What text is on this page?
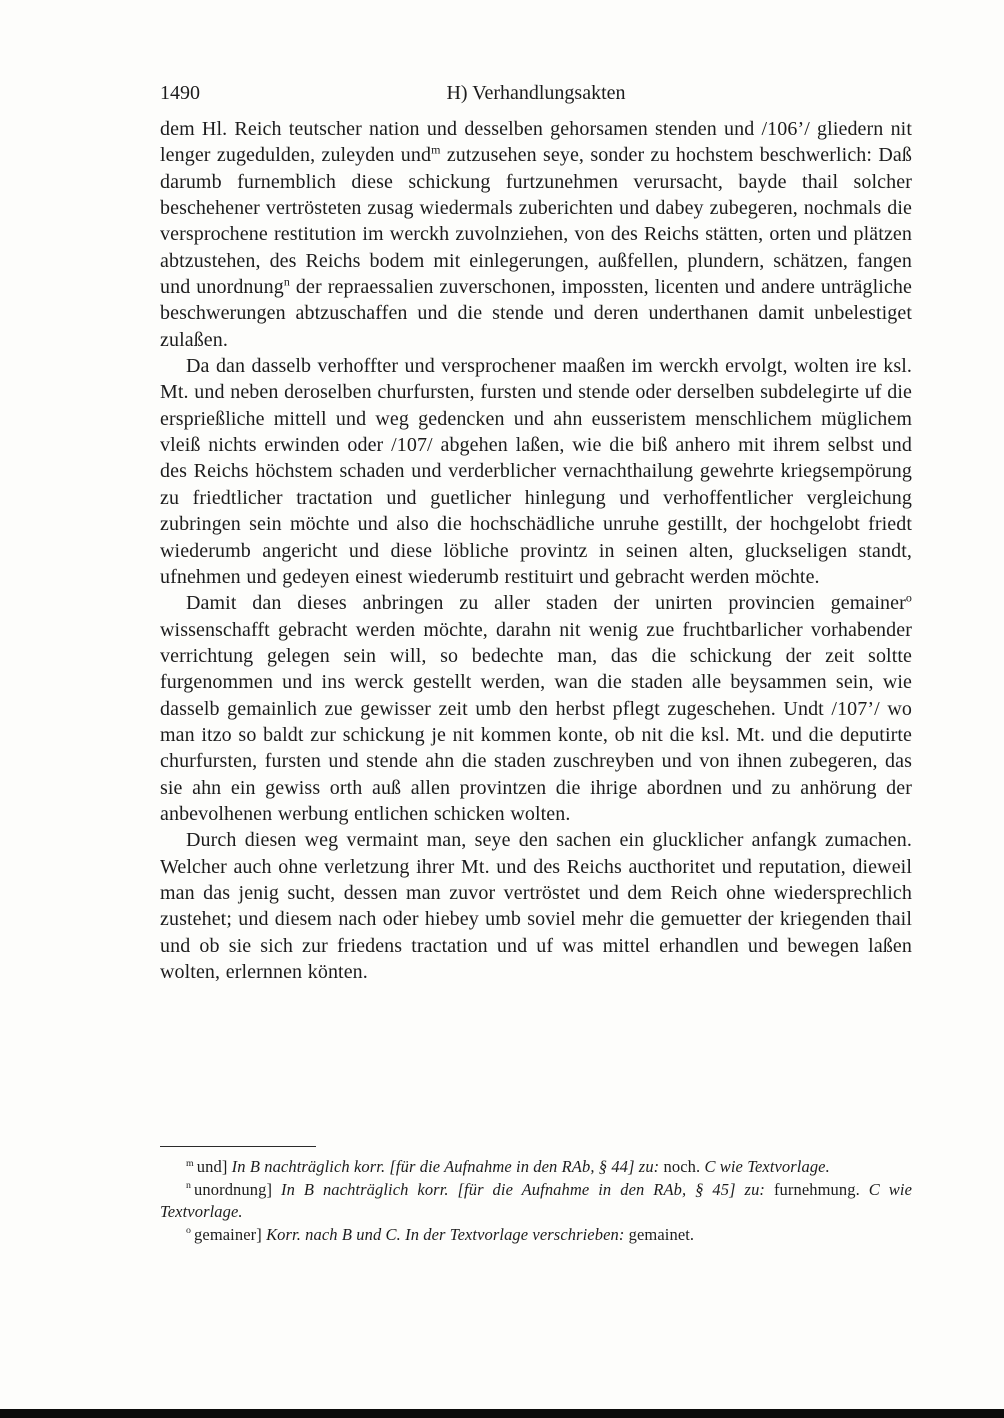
1490	H) Verhandlungsakten

dem Hl. Reich teutscher nation und desselben gehorsamen stenden und /106’/ gliedern nit lenger zugedulden, zuleyden und$^m$ zutzusehen seye, sonder zu hochstem beschwerlich: Daß darumb furnemblich diese schickung furtzunehmen verursacht, bayde thail solcher beschehener vertrösteten zusag wiedermals zuberichten und dabey zubegeren, nochmals die versprochene restitution im werckh zuvolnziehen, von des Reichs stätten, orten und plätzen abtzustehen, des Reichs bodem mit einlegerungen, außfellen, plundern, schätzen, fangen und unordnung$^n$ der repraessalien zuverschonen, impossten, licenten und andere unträgliche beschwerungen abtzuschaffen und die stende und deren underthanen damit unbelestiget zulaßen.

Da dan dasselb verhoffter und versprochener maaßen im werckh ervolgt, wolten ire ksl. Mt. und neben deroselben churfursten, fursten und stende oder derselben subdelegirte uf die ersprießliche mittell und weg gedencken und ahn eusseristem menschlichem müglichem vleiß nichts erwinden oder /107/ abgehen laßen, wie die biß anhero mit ihrem selbst und des Reichs höchstem schaden und verderblicher vernachthailung gewehrte kriegsempörung zu friedtlicher tractation und guetlicher hinlegung und verhoffentlicher vergleichung zubringen sein möchte und also die hochschädliche unruhe gestillt, der hochgelobt friedt wiederumb angericht und diese löbliche provintz in seinen alten, gluckseligen standt, ufnehmen und gedeyen einest wiederumb restituirt und gebracht werden möchte.

Damit dan dieses anbringen zu aller staden der unirten provincien gemainer$^o$ wissenschafft gebracht werden möchte, darahn nit wenig zue fruchtbarlicher vorhabender verrichtung gelegen sein will, so bedechte man, das die schickung der zeit soltte furgenommen und ins werck gestellt werden, wan die staden alle beysammen sein, wie dasselb gemainlich zue gewisser zeit umb den herbst pflegt zugeschehen. Undt /107’/ wo man itzo so baldt zur schickung je nit kommen konte, ob nit die ksl. Mt. und die deputirte churfursten, fursten und stende ahn die staden zuschreyben und von ihnen zubegeren, das sie ahn ein gewiss orth auß allen provintzen die ihrige abordnen und zu anhörung der anbevolhenen werbung entlichen schicken wolten.

Durch diesen weg vermaint man, seye den sachen ein glucklicher anfangk zumachen. Welcher auch ohne verletzung ihrer Mt. und des Reichs aucthoritet und reputation, dieweil man das jenig sucht, dessen man zuvor vertröstet und dem Reich ohne wiedersprechlich zustehet; und diesem nach oder hiebey umb soviel mehr die gemuetter der kriegenden thail und ob sie sich zur friedens tractation und uf was mittel erhandlen und bewegen laßen wolten, erlernnen könten.

$^m$ und] In B nachträglich korr. [für die Aufnahme in den RAb, § 44] zu: noch. C wie Textvorlage.

$^n$ unordnung] In B nachträglich korr. [für die Aufnahme in den RAb, § 45] zu: furnehmung. C wie Textvorlage.

$^o$ gemainer] Korr. nach B und C. In der Textvorlage verschrieben: gemainet.
